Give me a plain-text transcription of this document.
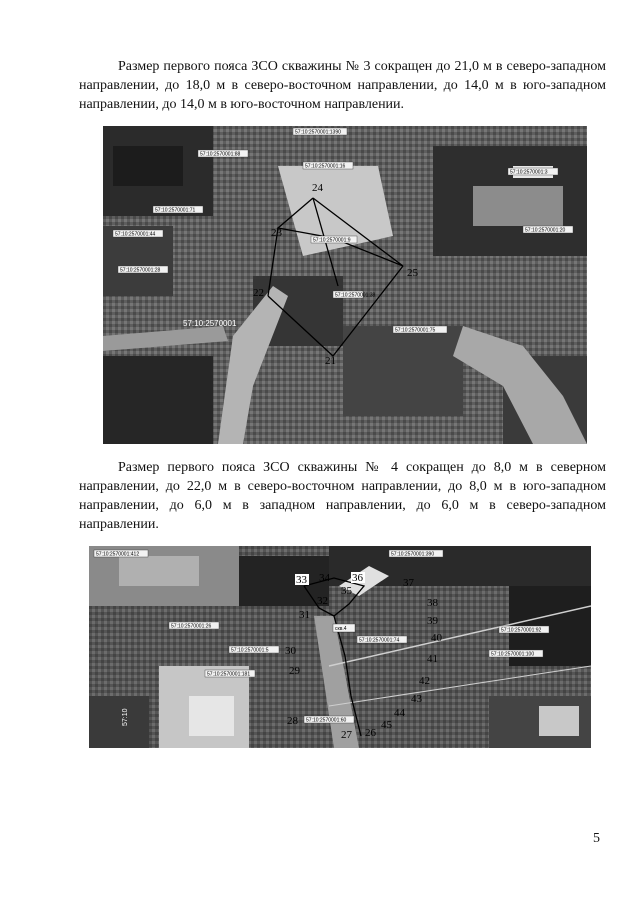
Размер первого пояса ЗСО скважины № 3 сокращен до 21,0 м в северо-западном направлении, до 18,0 м в северо-восточном направлении, до 14,0 м в юго-западном направлении, до 14,0 м в юго-восточном направлении.

24
23
25
22
21
57:10:2570001:1390
57:10:2570001:88
57:10:2570001:16
57:10:2570001:3
57:10:2570001:71
57:10:2570001:44
57:10:2570001:9
57:10:2570001:28
57:10:2570001:75
57:10:2570001:38
57:10:2570001:20
57:10:2570001

Размер первого пояса ЗСО скважины № 4 сокращен до 8,0 м в северном направлении, до 22,0 м в северо-восточном направлении, до 8,0 м в юго-западном направлении, до 6,0 м в западном направлении, до 6,0 м в северо-западном направлении.

33 34 36
35
32
37
38
31	39
30
40
41
29
42
43
44
28	45
27 26
57:10:2570001:412	57:10:2570001:390
57:10:2570001:26
57:10:2570001:181
57:10:2570001:74
57:10:2570001:60
57:10:2570001:100
57:10:2570001:5
57:10:2570001:92
скв.4
57:10
5
